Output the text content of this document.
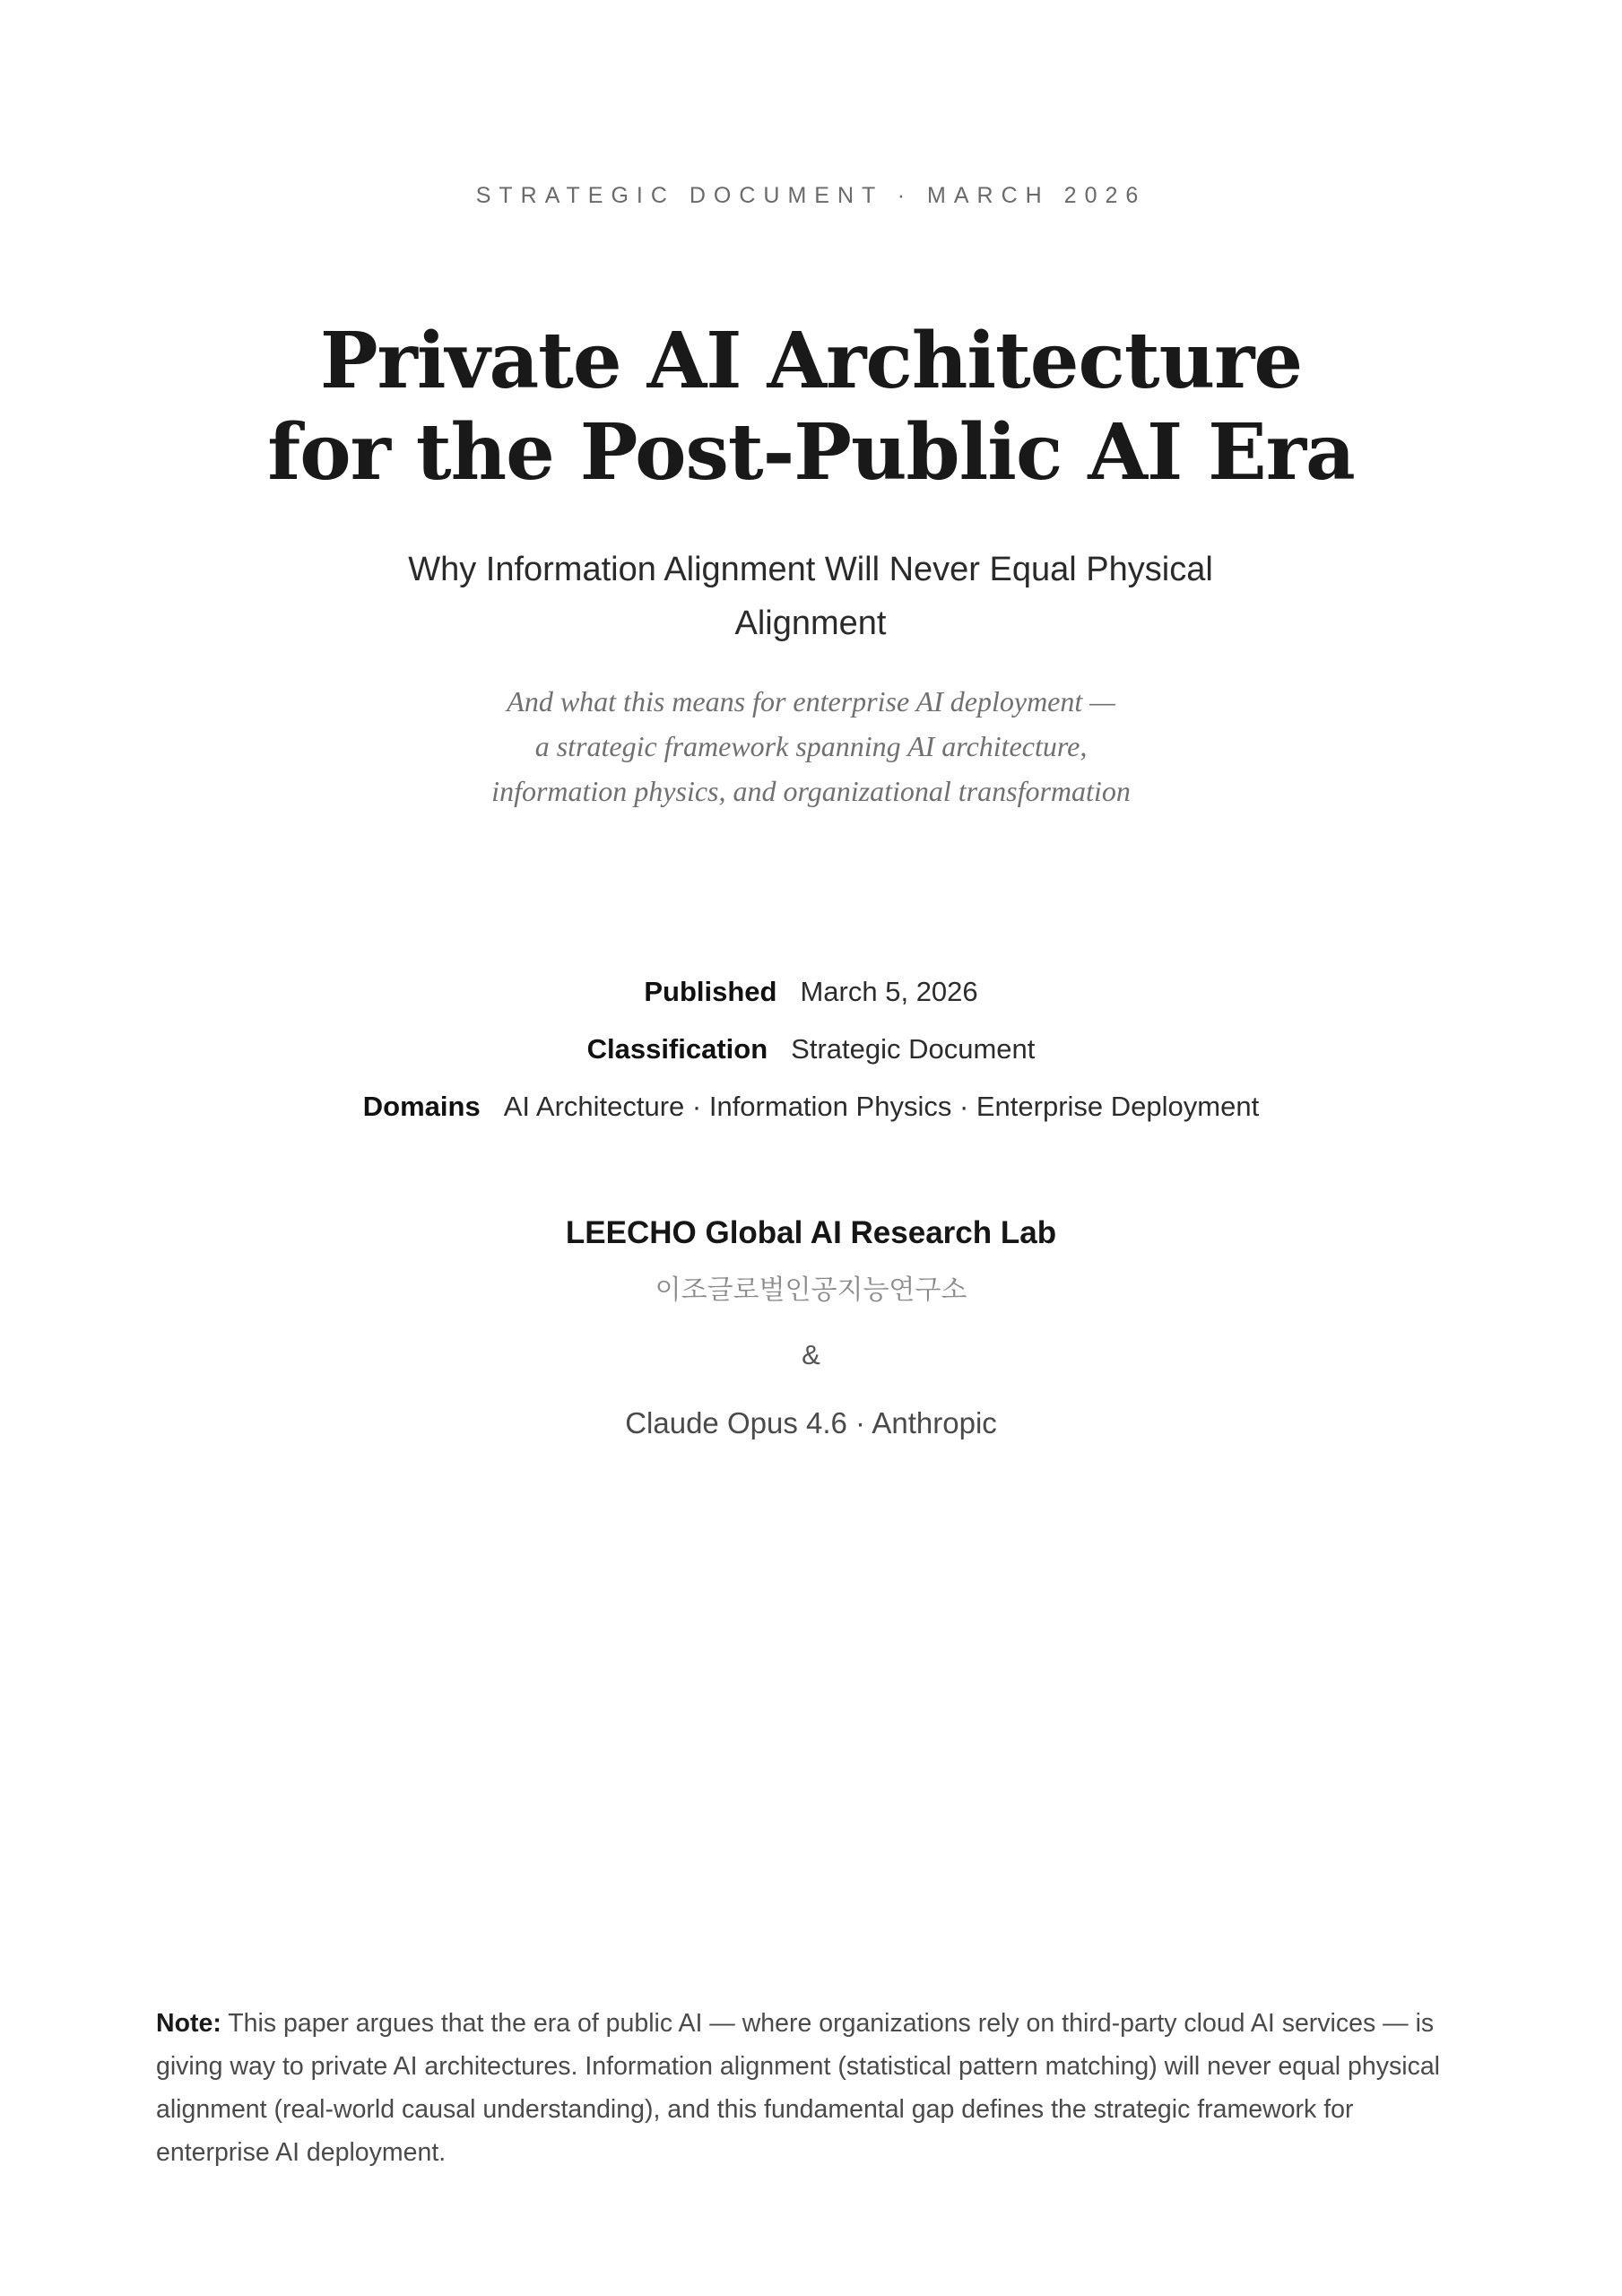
STRATEGIC DOCUMENT · MARCH 2026
Private AI Architecture
for the Post-Public AI Era
Why Information Alignment Will Never Equal Physical Alignment
And what this means for enterprise AI deployment —
a strategic framework spanning AI architecture,
information physics, and organizational transformation
Published March 5, 2026
Classification Strategic Document
Domains AI Architecture · Information Physics · Enterprise Deployment
LEECHO Global AI Research Lab
이조글로벌인공지능연구소
&
Claude Opus 4.6 · Anthropic
Note: This paper argues that the era of public AI — where organizations rely on third-party cloud AI services — is giving way to private AI architectures. Information alignment (statistical pattern matching) will never equal physical alignment (real-world causal understanding), and this fundamental gap defines the strategic framework for enterprise AI deployment.
